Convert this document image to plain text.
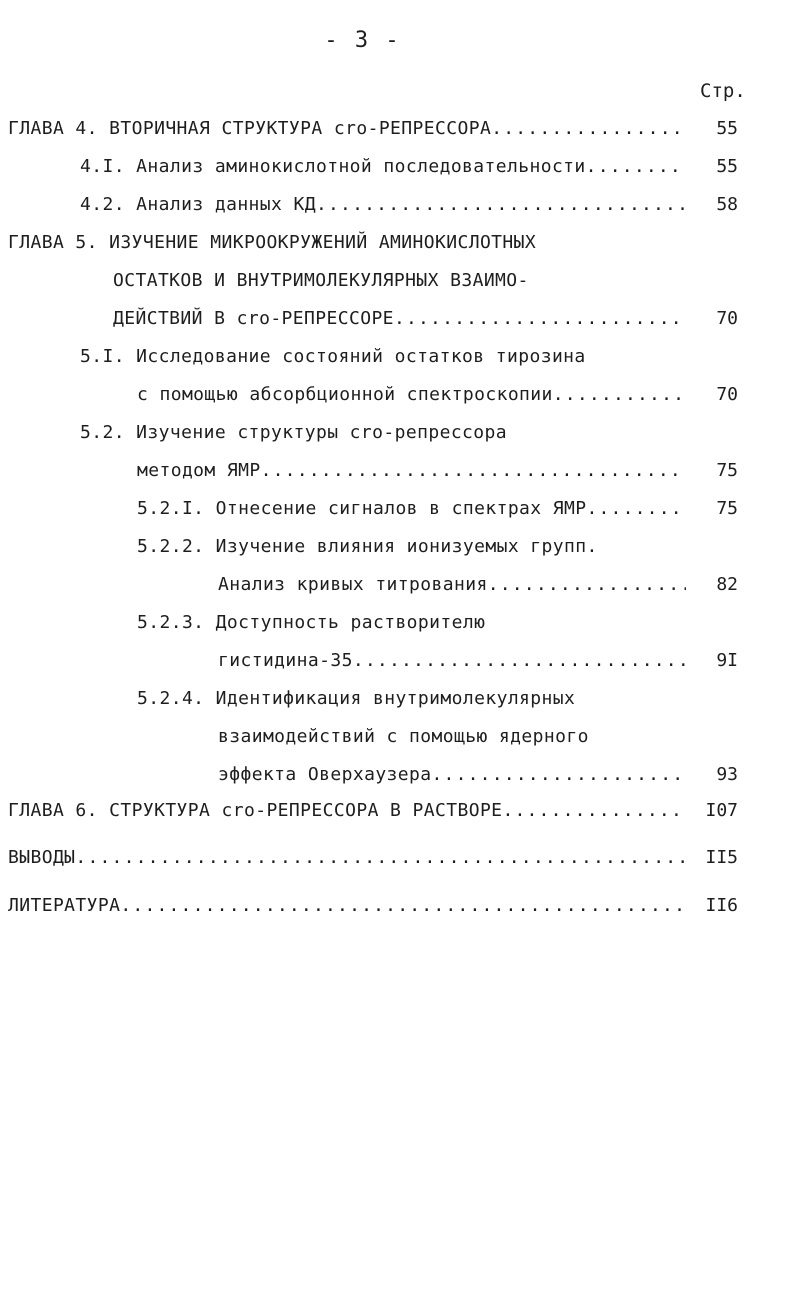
- 3 -
Стр.
ГЛАВА 4. ВТОРИЧНАЯ СТРУКТУРА cro-РЕПРЕССОРА .....	55
4.I. Анализ аминокислотной последовательности .....	55
4.2. Анализ данных КД .....	58
ГЛАВА 5. ИЗУЧЕНИЕ МИКРООКРУЖЕНИЙ АМИНОКИСЛОТНЫХ
ОСТАТКОВ И ВНУТРИМОЛЕКУЛЯРНЫХ ВЗАИМО-
ДЕЙСТВИЙ В cro-РЕПРЕССОРЕ .....	70
5.I. Исследование состояний остатков тирозина
с помощью абсорбционной спектроскопии .....	70
5.2. Изучение структуры cro-репрессора
методом ЯМР .....	75
5.2.I. Отнесение сигналов в спектрах ЯМР .....	75
5.2.2. Изучение влияния ионизуемых групп.
Анализ кривых титрования .....	82
5.2.3. Доступность растворителю
гистидина-35 .....	9I
5.2.4. Идентификация внутримолекулярных
взаимодействий с помощью ядерного
эффекта Оверхаузера .....	93
ГЛАВА 6. СТРУКТУРА cro-РЕПРЕССОРА В РАСТВОРЕ .....	I07
ВЫВОДЫ .....	II5
ЛИТЕРАТУРА .....	II6
